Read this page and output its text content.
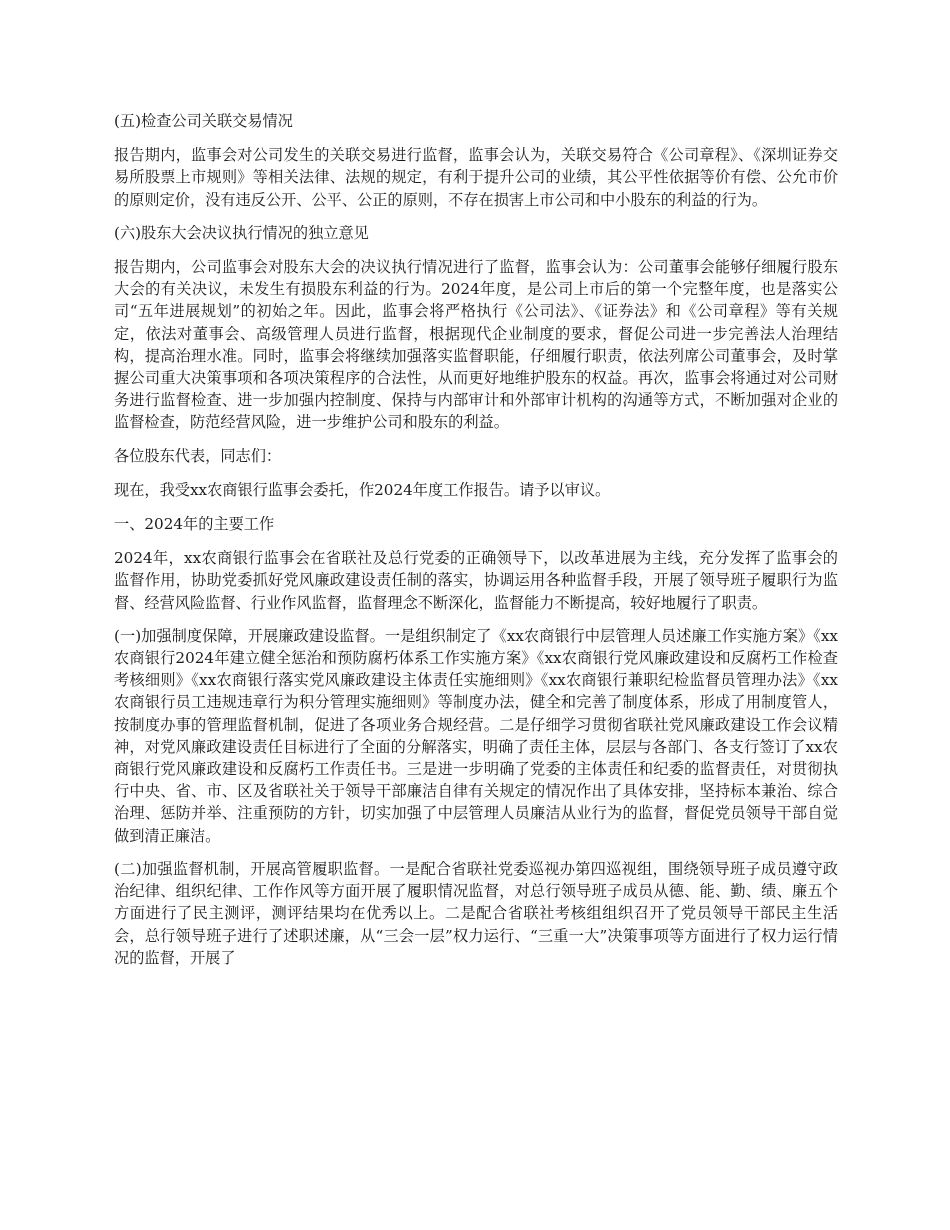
(五)检查公司关联交易情况

报告期内，监事会对公司发生的关联交易进行监督，监事会认为，关联交易符合《公司章程》、《深圳证券交易所股票上市规则》等相关法律、法规的规定，有利于提升公司的业绩，其公平性依据等价有偿、公允市价的原则定价，没有违反公开、公平、公正的原则，不存在损害上市公司和中小股东的利益的行为。

(六)股东大会决议执行情况的独立意见

报告期内，公司监事会对股东大会的决议执行情况进行了监督，监事会认为：公司董事会能够仔细履行股东大会的有关决议，未发生有损股东利益的行为。2024年度，是公司上市后的第一个完整年度，也是落实公司“五年进展规划”的初始之年。因此，监事会将严格执行《公司法》、《证券法》和《公司章程》等有关规定，依法对董事会、高级管理人员进行监督，根据现代企业制度的要求，督促公司进一步完善法人治理结构，提高治理水准。同时，监事会将继续加强落实监督职能，仔细履行职责，依法列席公司董事会，及时掌握公司重大决策事项和各项决策程序的合法性，从而更好地维护股东的权益。再次，监事会将通过对公司财务进行监督检查、进一步加强内控制度、保持与内部审计和外部审计机构的沟通等方式，不断加强对企业的监督检查，防范经营风险，进一步维护公司和股东的利益。

各位股东代表，同志们：

现在，我受xx农商银行监事会委托，作2024年度工作报告。请予以审议。

一、2024年的主要工作

2024年，xx农商银行监事会在省联社及总行党委的正确领导下，以改革进展为主线，充分发挥了监事会的监督作用，协助党委抓好党风廉政建设责任制的落实，协调运用各种监督手段，开展了领导班子履职行为监督、经营风险监督、行业作风监督，监督理念不断深化，监督能力不断提高，较好地履行了职责。

(一)加强制度保障，开展廉政建设监督。一是组织制定了《xx农商银行中层管理人员述廉工作实施方案》《xx农商银行2024年建立健全惩治和预防腐朽体系工作实施方案》《xx农商银行党风廉政建设和反腐朽工作检查考核细则》《xx农商银行落实党风廉政建设主体责任实施细则》《xx农商银行兼职纪检监督员管理办法》《xx农商银行员工违规违章行为积分管理实施细则》等制度办法，健全和完善了制度体系，形成了用制度管人，按制度办事的管理监督机制，促进了各项业务合规经营。二是仔细学习贯彻省联社党风廉政建设工作会议精神，对党风廉政建设责任目标进行了全面的分解落实，明确了责任主体，层层与各部门、各支行签订了xx农商银行党风廉政建设和反腐朽工作责任书。三是进一步明确了党委的主体责任和纪委的监督责任，对贯彻执行中央、省、市、区及省联社关于领导干部廉洁自律有关规定的情况作出了具体安排，坚持标本兼治、综合治理、惩防并举、注重预防的方针，切实加强了中层管理人员廉洁从业行为的监督，督促党员领导干部自觉做到清正廉洁。

(二)加强监督机制，开展高管履职监督。一是配合省联社党委巡视办第四巡视组，围绕领导班子成员遵守政治纪律、组织纪律、工作作风等方面开展了履职情况监督，对总行领导班子成员从德、能、勤、绩、廉五个方面进行了民主测评，测评结果均在优秀以上。二是配合省联社考核组组织召开了党员领导干部民主生活会，总行领导班子进行了述职述廉，从“三会一层”权力运行、“三重一大”决策事项等方面进行了权力运行情况的监督，开展了
